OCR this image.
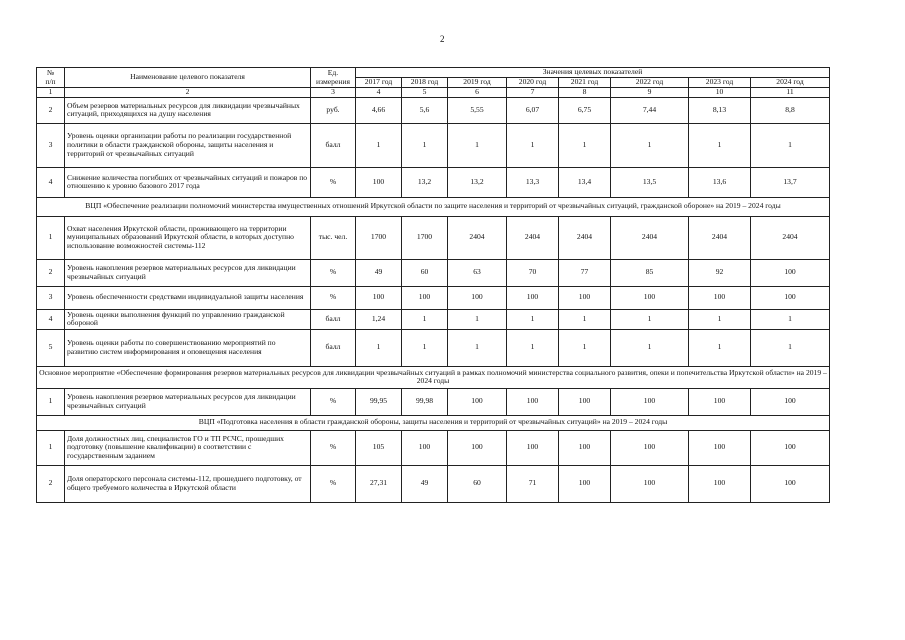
2
№
п/п	Наименование целевого показателя	Ед.
измерения	Значения целевых показателей							
			2017 год	2018 год	2019 год	2020 год	2021 год	2022 год	2023 год	2024 год
1	2	3	4	5	6	7	8	9	10	11
2	Объем резервов материальных ресурсов для ликвидации чрезвычайных ситуаций, приходящихся на душу населения	руб.	4,66	5,6	5,55	6,07	6,75	7,44	8,13	8,8
3	Уровень оценки организации работы по реализации государственной политики в области гражданской обороны, защиты населения и территорий от чрезвычайных ситуаций	балл	1	1	1	1	1	1	1	1
4	Снижение количества погибших от чрезвычайных ситуаций и пожаров по отношению к уровню базового 2017 года	%	100	13,2	13,2	13,3	13,4	13,5	13,6	13,7
ВЦП «Обеспечение реализации полномочий министерства имущественных отношений Иркутской области по защите населения и территорий от чрезвычайных ситуаций, гражданской обороне» на 2019 – 2024 годы										
1	Охват населения Иркутской области, проживающего на территории муниципальных образований Иркутской области, в которых доступно использование возможностей системы-112	тыс. чел.	1700	1700	2404	2404	2404	2404	2404	2404
2	Уровень накопления резервов материальных ресурсов для ликвидации чрезвычайных ситуаций	%	49	60	63	70	77	85	92	100
3	Уровень обеспеченности средствами индивидуальной защиты населения	%	100	100	100	100	100	100	100	100
4	Уровень оценки выполнения функций по управлению гражданской обороной	балл	1,24	1	1	1	1	1	1	1
5	Уровень оценки работы по совершенствованию мероприятий по развитию систем информирования и оповещения населения	балл	1	1	1	1	1	1	1	1
Основное мероприятие «Обеспечение формирования резервов материальных ресурсов для ликвидации чрезвычайных ситуаций в рамках полномочий министерства социального развития, опеки и попечительства Иркутской области» на 2019 – 2024 годы										
1	Уровень накопления резервов материальных ресурсов для ликвидации чрезвычайных ситуаций	%	99,95	99,98	100	100	100	100	100	100
ВЦП «Подготовка населения в области гражданской обороны, защиты населения и территорий от чрезвычайных ситуаций» на 2019 – 2024 годы										
1	Доля должностных лиц, специалистов ГО и ТП РСЧС, прошедших подготовку (повышение квалификации) в соответствии с государственным заданием	%	105	100	100	100	100	100	100	100
2	Доля операторского персонала системы-112, прошедшего подготовку, от общего требуемого количества в Иркутской области	%	27,31	49	60	71	100	100	100	100
